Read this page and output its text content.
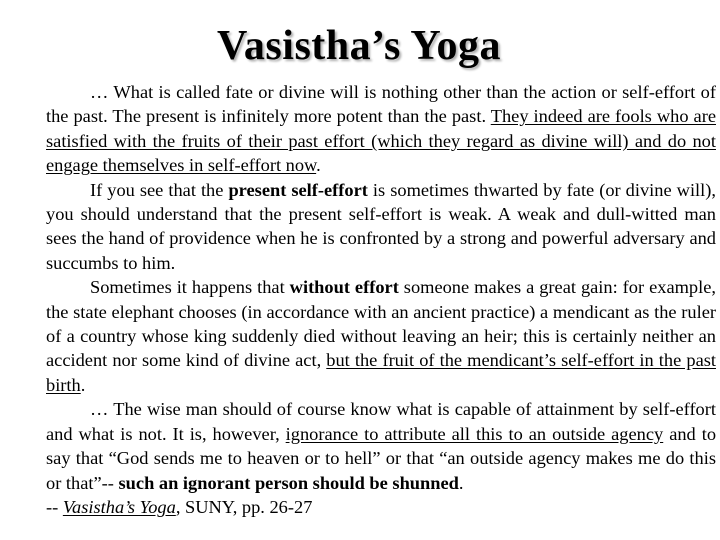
Vasistha’s Yoga

… What is called fate or divine will is nothing other than the action or self-effort of the past. The present is infinitely more potent than the past. They indeed are fools who are satisfied with the fruits of their past effort (which they regard as divine will) and do not engage themselves in self-effort now.

If you see that the present self-effort is sometimes thwarted by fate (or divine will), you should understand that the present self-effort is weak. A weak and dull-witted man sees the hand of providence when he is confronted by a strong and powerful adversary and succumbs to him.

Sometimes it happens that without effort someone makes a great gain: for example, the state elephant chooses (in accordance with an ancient practice) a mendicant as the ruler of a country whose king suddenly died without leaving an heir; this is certainly neither an accident nor some kind of divine act, but the fruit of the mendicant’s self-effort in the past birth.

… The wise man should of course know what is capable of attainment by self-effort and what is not. It is, however, ignorance to attribute all this to an outside agency and to say that “God sends me to heaven or to hell” or that “an outside agency makes me do this or that”-- such an ignorant person should be shunned.

-- Vasistha’s Yoga, SUNY, pp. 26-27
